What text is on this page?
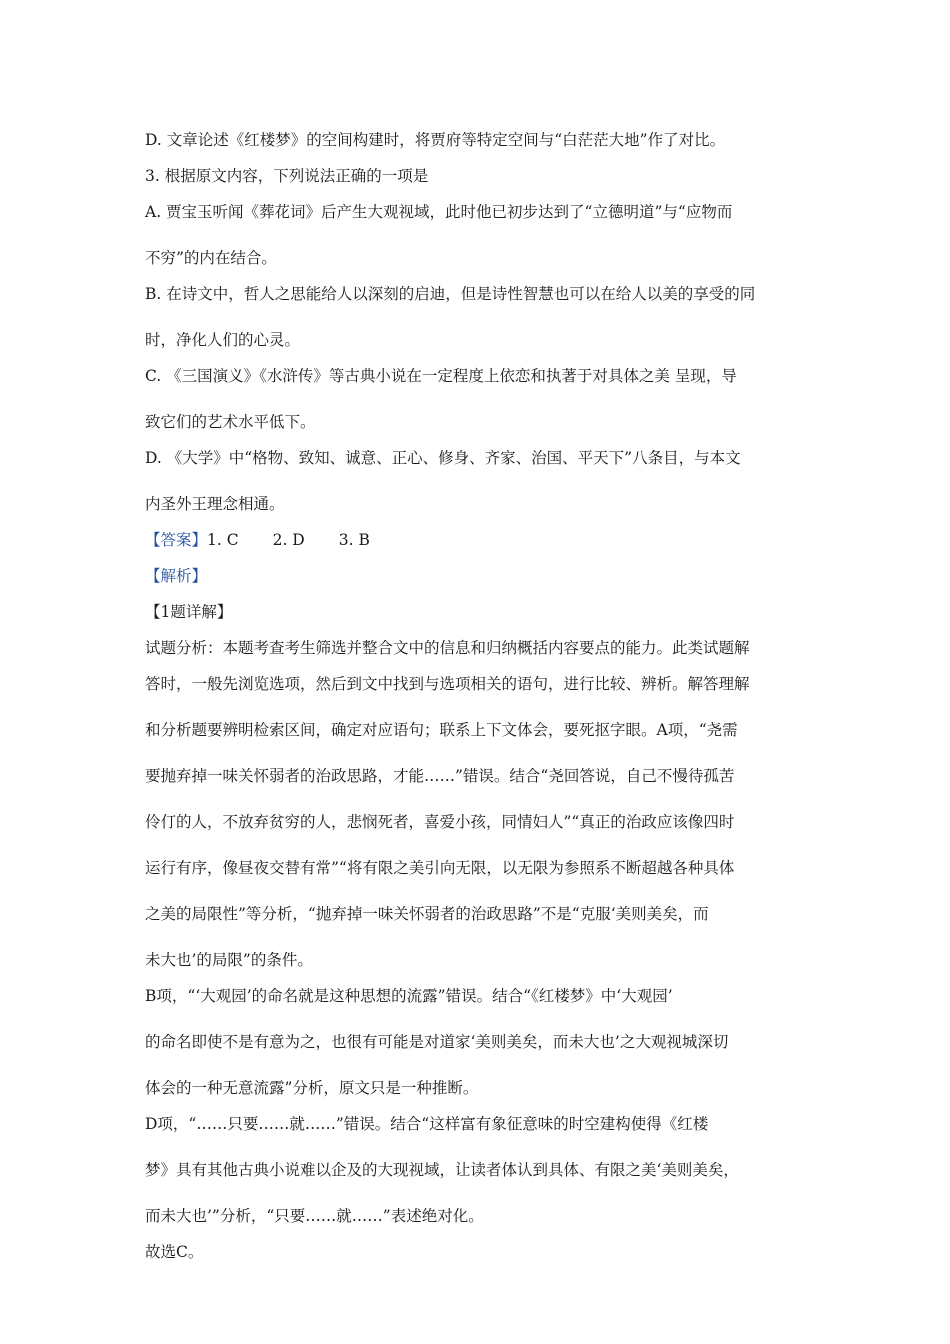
D. 文章论述《红楼梦》的空间构建时，将贾府等特定空间与“白茫茫大地”作了对比。
3. 根据原文内容，下列说法正确的一项是
A. 贾宝玉听闻《葬花词》后产生大观视域，此时他已初步达到了“立德明道”与“应物而
不穷”的内在结合。
B. 在诗文中，哲人之思能给人以深刻的启迪，但是诗性智慧也可以在给人以美的享受的同
时，净化人们的心灵。
C. 《三国演义》《水浒传》等古典小说在一定程度上依恋和执著于对具体之美 呈现，导
致它们的艺术水平低下。
D. 《大学》中“格物、致知、诚意、正心、修身、齐家、治国、平天下”八条目，与本文
内圣外王理念相通。
【答案】1. C 2. D 3. B
【解析】
【1题详解】
试题分析：本题考查考生筛选并整合文中的信息和归纳概括内容要点的能力。此类试题解
答时，一般先浏览选项，然后到文中找到与选项相关的语句，进行比较、辨析。解答理解
和分析题要辨明检索区间，确定对应语句；联系上下文体会，要死抠字眼。A项，“尧需
要抛弃掉一味关怀弱者的治政思路，才能……”错误。结合“尧回答说，自己不慢待孤苦
伶仃的人，不放弃贫穷的人，悲悯死者，喜爱小孩，同情妇人”“真正的治政应该像四时
运行有序，像昼夜交替有常”“将有限之美引向无限，以无限为参照系不断超越各种具体
之美的局限性”等分析，“抛弃掉一味关怀弱者的治政思路”不是“克服‘美则美矣，而
未大也’的局限”的条件。
B项，“‘大观园’的命名就是这种思想的流露”错误。结合“《红楼梦》中‘大观园’
的命名即使不是有意为之，也很有可能是对道家‘美则美矣，而未大也’之大观视城深切
体会的一种无意流露”分析，原文只是一种推断。
D项，“……只要……就……”错误。结合“这样富有象征意味的时空建构使得《红楼
梦》具有其他古典小说难以企及的大现视域，让读者体认到具体、有限之美‘美则美矣，
而未大也’”分析，“只要……就……”表述绝对化。
故选C。
